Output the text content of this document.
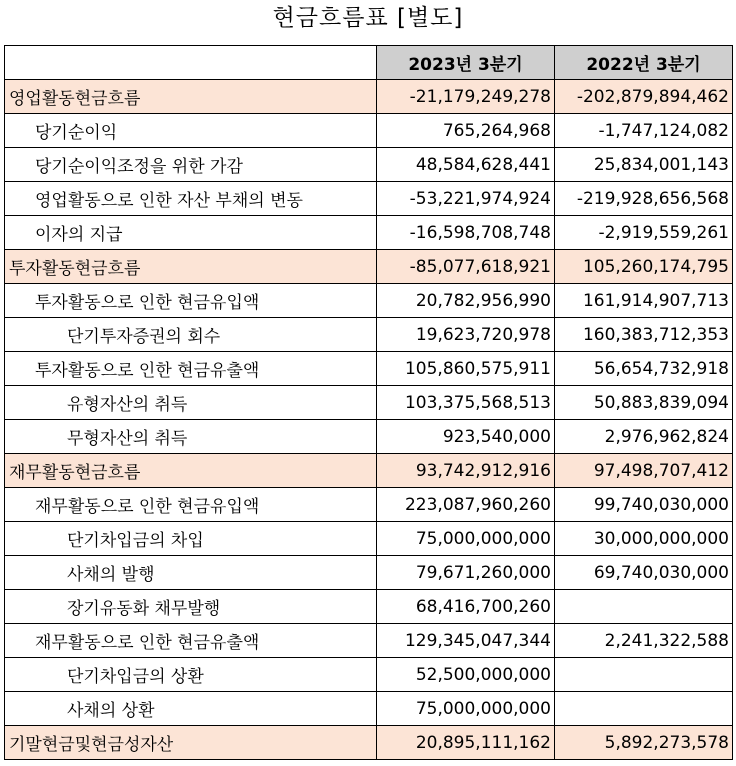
현금흐름표 [별도]
	2023년 3분기	2022년 3분기
영업활동현금흐름	-21,179,249,278	-202,879,894,462
당기순이익	765,264,968	-1,747,124,082
당기순이익조정을 위한 가감	48,584,628,441	25,834,001,143
영업활동으로 인한 자산 부채의 변동	-53,221,974,924	-219,928,656,568
이자의 지급	-16,598,708,748	-2,919,559,261
투자활동현금흐름	-85,077,618,921	105,260,174,795
투자활동으로 인한 현금유입액	20,782,956,990	161,914,907,713
단기투자증권의 회수	19,623,720,978	160,383,712,353
투자활동으로 인한 현금유출액	105,860,575,911	56,654,732,918
유형자산의 취득	103,375,568,513	50,883,839,094
무형자산의 취득	923,540,000	2,976,962,824
재무활동현금흐름	93,742,912,916	97,498,707,412
재무활동으로 인한 현금유입액	223,087,960,260	99,740,030,000
단기차입금의 차입	75,000,000,000	30,000,000,000
사채의 발행	79,671,260,000	69,740,030,000
장기유동화 채무발행	68,416,700,260	
재무활동으로 인한 현금유출액	129,345,047,344	2,241,322,588
단기차입금의 상환	52,500,000,000	
사채의 상환	75,000,000,000	
기말현금및현금성자산	20,895,111,162	5,892,273,578
